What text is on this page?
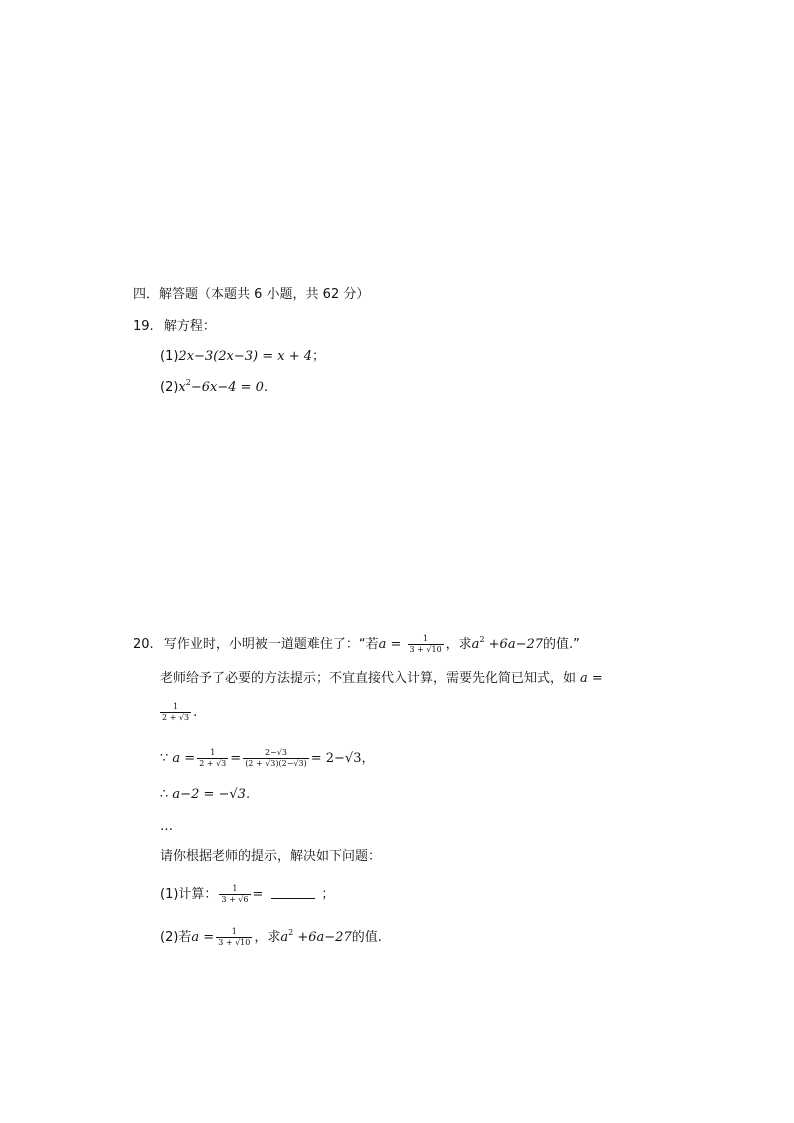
四．解答题（本题共 6 小题，共 62 分）
19. 解方程：
(1)2x−3(2x−3) = x + 4；
$(2)x^2-6x-4 = 0$.
20. 写作业时，小明被一道题难住了：“若$a = \frac{1}{3 + √10}$ ，求$a^2 +6a-27$的值.”
老师给予了必要的方法提示；不宜直接代入计算，需要先化简已知式，如 a =
$\frac{1}{2 + √3}$ .
∵ $a = \frac{1}{2 + √3} = \frac{2-√3}{(2 + √3)(2-√3)} = 2-√3$，
∴ a−2 = −√3.
…
请你根据老师的提示，解决如下问题：
(1)计算： $\frac{1}{3 + √6}$ =	；
(2)若$a = \frac{1}{3 + √10}$ ，求$a^2 +6a-27$的值.
